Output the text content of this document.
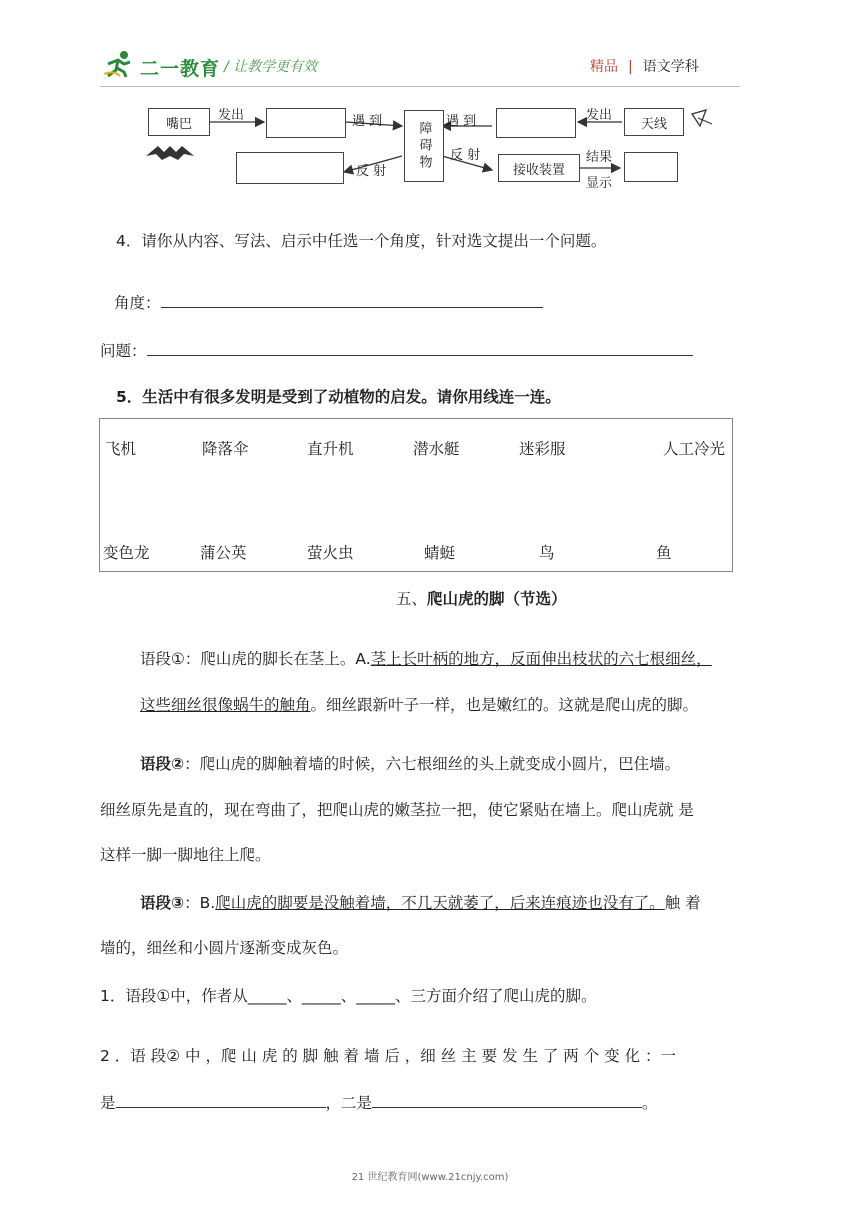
二一教育 / 让教学更有效	精品 | 语文学科
嘴巴
发出	遇 到	障碍物 遇 到	发出
天线
反 射
反 射
接收装置
结果
显示
4．请你从内容、写法、启示中任选一个角度，针对选文提出一个问题。
角度：
问题：
5．生活中有很多发明是受到了动植物的启发。请你用线连一连。
飞机	降落伞	直升机	潜水艇	迷彩服	人工冷光
变色龙	蒲公英	萤火虫	蜻蜓	鸟	鱼
五、爬山虎的脚（节选）
语段①：爬山虎的脚长在茎上。A.茎上长叶柄的地方，反面伸出枝状的六七根细丝，
这些细丝很像蜗牛的触角。细丝跟新叶子一样，也是嫩红的。这就是爬山虎的脚。
语段②：爬山虎的脚触着墙的时候，六七根细丝的头上就变成小圆片，巴住墙。
细丝原先是直的，现在弯曲了，把爬山虎的嫩茎拉一把，使它紧贴在墙上。爬山虎就 是
这样一脚一脚地往上爬。
语段③：B.爬山虎的脚要是没触着墙，不几天就萎了，后来连痕迹也没有了。触 着
墙的，细丝和小圆片逐渐变成灰色。
1．语段①中，作者从_____、_____、_____、三方面介绍了爬山虎的脚。
2 ．语 段② 中 ，爬 山 虎 的 脚 触 着 墙 后 ，细 丝 主 要 发 生 了 两 个 变 化 ：一
是	，二是	。
21 世纪教育网(www.21cnjy.com)
